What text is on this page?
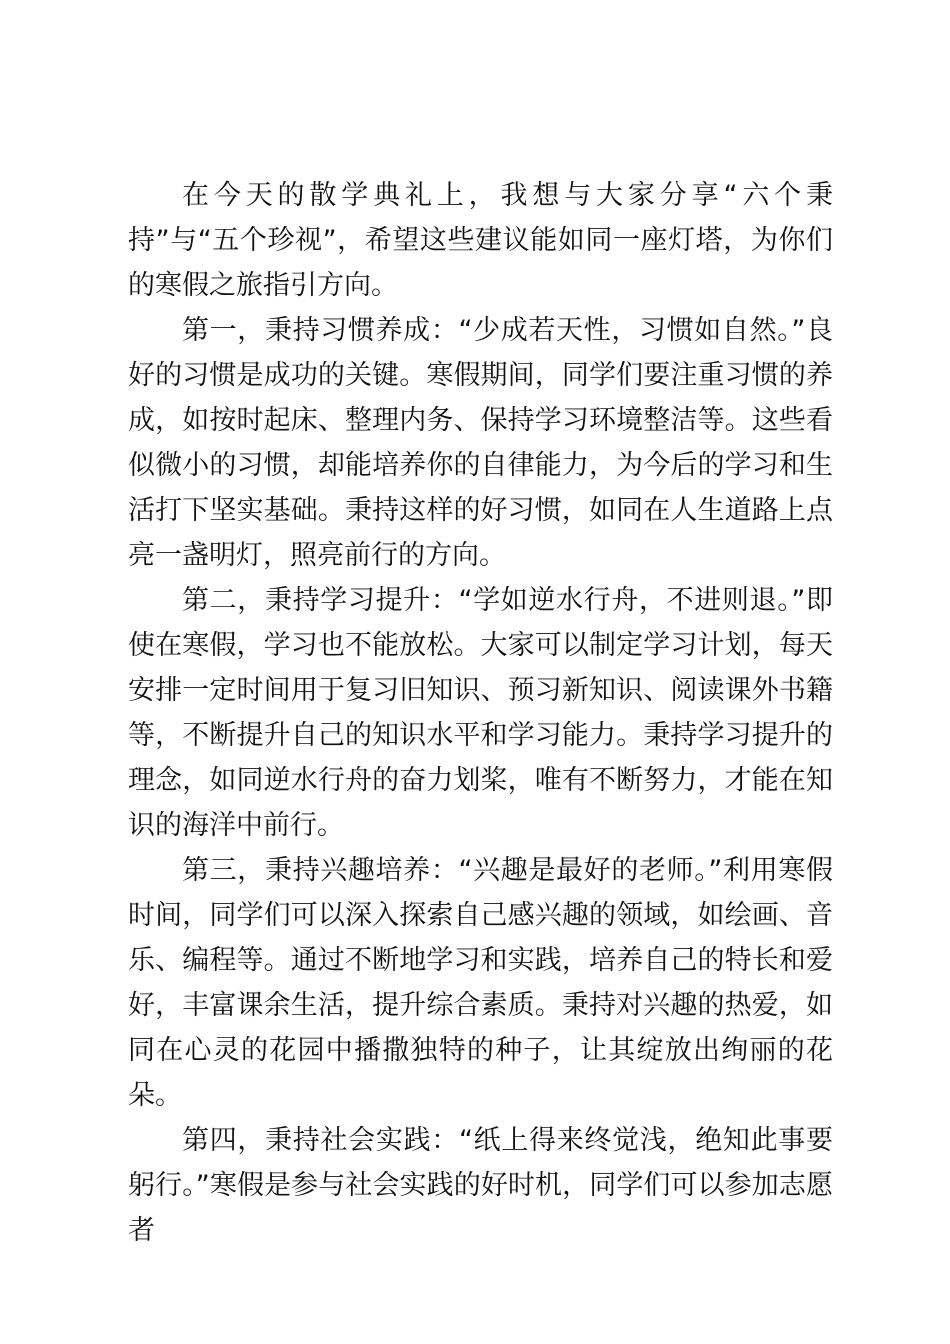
在今天的散学典礼上，我想与大家分享“六个秉持”与“五个珍视”，希望这些建议能如同一座灯塔，为你们的寒假之旅指引方向。

第一，秉持习惯养成：“少成若天性，习惯如自然。”良好的习惯是成功的关键。寒假期间，同学们要注重习惯的养成，如按时起床、整理内务、保持学习环境整洁等。这些看似微小的习惯，却能培养你的自律能力，为今后的学习和生活打下坚实基础。秉持这样的好习惯，如同在人生道路上点亮一盏明灯，照亮前行的方向。

第二，秉持学习提升：“学如逆水行舟，不进则退。”即使在寒假，学习也不能放松。大家可以制定学习计划，每天安排一定时间用于复习旧知识、预习新知识、阅读课外书籍等，不断提升自己的知识水平和学习能力。秉持学习提升的理念，如同逆水行舟的奋力划桨，唯有不断努力，才能在知识的海洋中前行。

第三，秉持兴趣培养：“兴趣是最好的老师。”利用寒假时间，同学们可以深入探索自己感兴趣的领域，如绘画、音乐、编程等。通过不断地学习和实践，培养自己的特长和爱好，丰富课余生活，提升综合素质。秉持对兴趣的热爱，如同在心灵的花园中播撒独特的种子，让其绽放出绚丽的花朵。

第四，秉持社会实践：“纸上得来终觉浅，绝知此事要躬行。”寒假是参与社会实践的好时机，同学们可以参加志愿者
